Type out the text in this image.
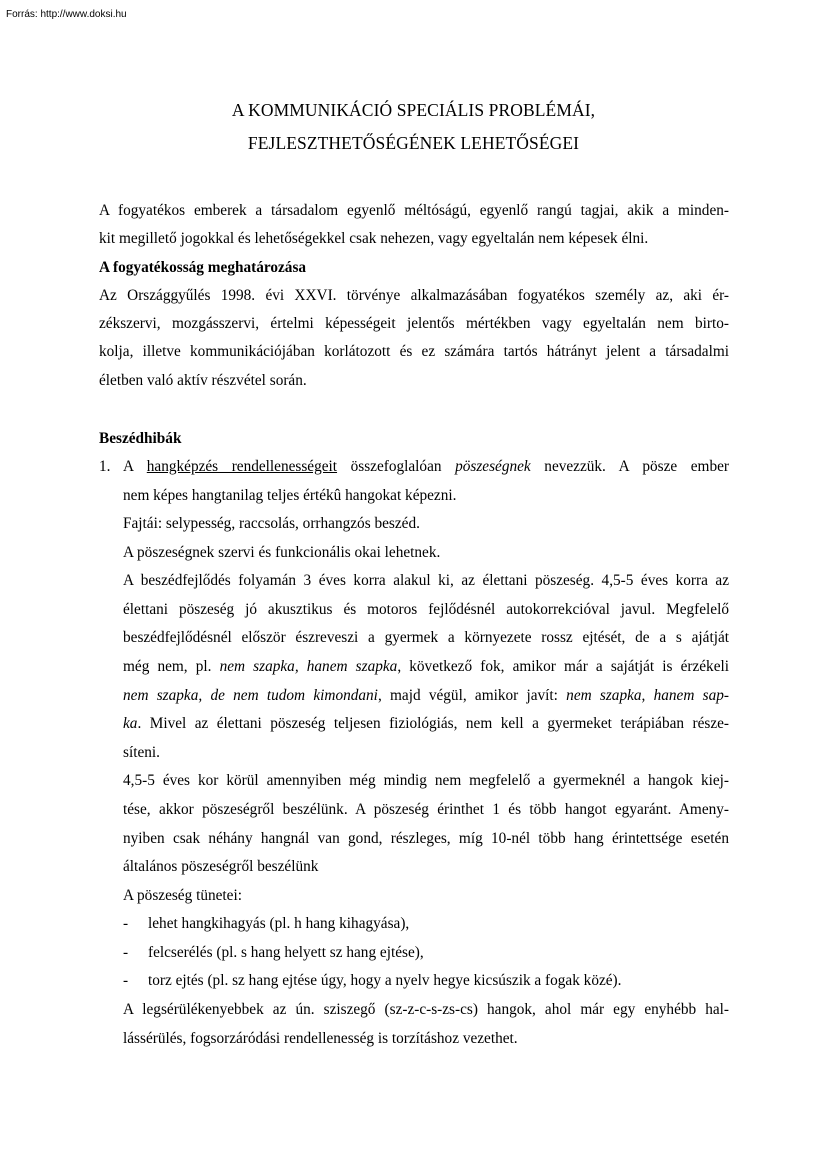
Forrás: http://www.doksi.hu
A KOMMUNIKÁCIÓ SPECIÁLIS PROBLÉMÁI,
FEJLESZTHETŐSÉGÉNEK LEHETŐSÉGEI
A fogyatékos emberek a társadalom egyenlő méltóságú, egyenlő rangú tagjai, akik a minden-
kit megillető jogokkal és lehetőségekkel csak nehezen, vagy egyeltalán nem képesek élni.
A fogyatékosság meghatározása
Az Országgyűlés 1998. évi XXVI. törvénye alkalmazásában fogyatékos személy az, aki ér-
zékszervi, mozgásszervi, értelmi képességeit jelentős mértékben vagy egyeltalán nem birto-
kolja, illetve kommunikációjában korlátozott és ez számára tartós hátrányt jelent a társadalmi
életben való aktív részvétel során.
Beszédhibák
1. A hangképzés rendellenességeit összefoglalóan pöszeségnek nevezzük. A pösze ember
nem képes hangtanilag teljes értékû hangokat képezni.
Fajtái: selypesség, raccsolás, orrhangzós beszéd.
A pöszeségnek szervi és funkcionális okai lehetnek.
A beszédfejlődés folyamán 3 éves korra alakul ki, az élettani pöszeség. 4,5-5 éves korra az
élettani pöszeség jó akusztikus és motoros fejlődésnél autokorrekcióval javul. Megfelelő
beszédfejlődésnél először észreveszi a gyermek a környezete rossz ejtését, de a s ajátját
még nem, pl. nem szapka, hanem szapka, következő fok, amikor már a sajátját is érzékeli
nem szapka, de nem tudom kimondani, majd végül, amikor javít: nem szapka, hanem sap-
ka. Mivel az élettani pöszeség teljesen fiziológiás, nem kell a gyermeket terápiában része-
síteni.
4,5-5 éves kor körül amennyiben még mindig nem megfelelő a gyermeknél a hangok kiej-
tése, akkor pöszeségről beszélünk. A pöszeség érinthet 1 és több hangot egyaránt. Ameny-
nyiben csak néhány hangnál van gond, részleges, míg 10-nél több hang érintettsége esetén
általános pöszeségről beszélünk
A pöszeség tünetei:
- lehet hangkihagyás (pl. h hang kihagyása),
- felcserélés (pl. s hang helyett sz hang ejtése),
- torz ejtés (pl. sz hang ejtése úgy, hogy a nyelv hegye kicsúszik a fogak közé).
A legsérülékenyebbek az ún. sziszegő (sz-z-c-s-zs-cs) hangok, ahol már egy enyhébb hal-
lássérülés, fogsorzáródási rendellenesség is torzításhoz vezethet.
